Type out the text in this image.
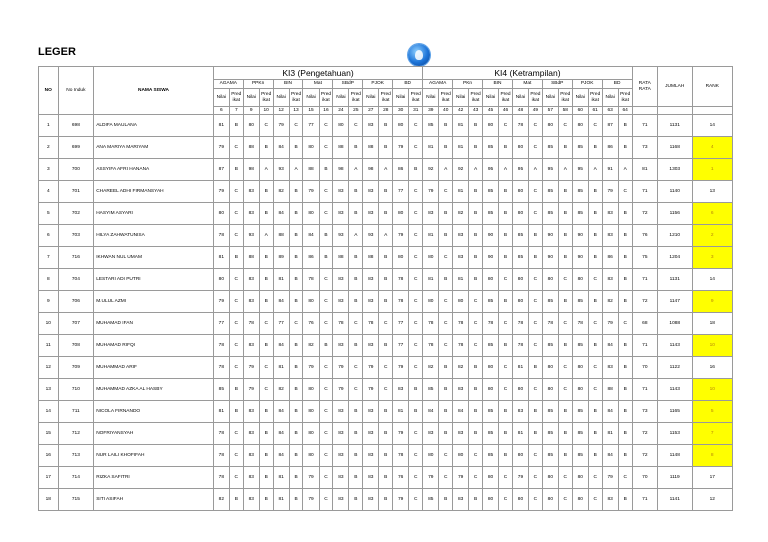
LEGER
NO	No Induk	NAMA SISWA	KI3 (Pengetahuan)														KI4 (Ketrampilan)														RATA RATA	JUMLAH	RANK
			AGAMA		PPKn		BIN		Mat		SBdP		PJOK		BD		AGAMA		PKn		BIN		Mat		SBdP		PJOK		BD				
			Nilai	Pred ikat	Nilai	Pred ikat	Nilai	Pred ikat	Nilai	Pred ikat	Nilai	Pred ikat	Nilai	Pred ikat	Nilai	Pred ikat	Nilai	Pred ikat	Nilai	Pred ikat	Nilai	Pred ikat	Nilai	Pred ikat	Nilai	Pred ikat	Nilai	Pred ikat	Nilai	Pred ikat			
			6	7	9	10	12	13	15	16	24	25	27	28	30	31	39	40	42	43	45	46	48	49	57	58	60	61	63	64			
1	698	ALDIFA MAULANA	81	B	80	C	79	C	77	C	80	C	83	B	80	C	85	B	81	B	80	C	78	C	80	C	80	C	87	B	71	1131	14
2	699	ANA MARIYA MARIYAM	79	C	88	B	84	B	80	C	88	B	88	B	79	C	81	B	81	B	85	B	80	C	85	B	85	B	86	B	73	1168	4
3	700	ASSYIFA AFRI HANANA	87	B	98	A	93	A	88	B	98	A	98	A	86	B	92	A	92	A	95	A	95	A	95	A	95	A	91	A	81	1303	1
4	701	CHAREEL ADHI FIRMANSYAH	79	C	83	B	82	B	79	C	83	B	83	B	77	C	79	C	81	B	85	B	80	C	85	B	85	B	79	C	71	1140	13
5	702	HASYIM ASYARI	80	C	83	B	84	B	80	C	83	B	83	B	80	C	83	B	82	B	85	B	80	C	85	B	85	B	83	B	72	1156	6
6	703	HILYA ZAHWATUNISA	78	C	93	A	88	B	84	B	93	A	93	A	79	C	81	B	83	B	90	B	85	B	90	B	90	B	83	B	76	1210	2
7	716	IKHWAN NUL UMAM	81	B	88	B	89	B	86	B	88	B	88	B	80	C	80	C	83	B	90	B	85	B	90	B	90	B	86	B	75	1204	3
8	704	LESTARI ADI PUTRI	80	C	83	B	81	B	78	C	83	B	83	B	78	C	81	B	81	B	80	C	80	C	80	C	80	C	83	B	71	1131	14
9	706	M.ULUL AZMI	79	C	83	B	84	B	80	C	83	B	83	B	78	C	80	C	80	C	85	B	80	C	85	B	85	B	82	B	72	1147	9
10	707	MUHAMAD IFAN	77	C	78	C	77	C	76	C	78	C	78	C	77	C	78	C	78	C	78	C	78	C	78	C	78	C	79	C	68	1088	18
11	708	MUHAMAD RIFQI	78	C	83	B	84	B	82	B	83	B	83	B	77	C	78	C	78	C	85	B	78	C	85	B	85	B	84	B	71	1143	10
12	709	MUHAMMAD ARIF	78	C	79	C	81	B	79	C	79	C	79	C	79	C	82	B	82	B	80	C	81	B	80	C	80	C	83	B	70	1122	16
13	710	MUHAMMAD AZKA AL HASBY	85	B	79	C	82	B	80	C	79	C	79	C	83	B	85	B	83	B	80	C	80	C	80	C	80	C	88	B	71	1143	10
14	711	NICOLA FIRNANDO	81	B	83	B	84	B	80	C	83	B	83	B	81	B	84	B	84	B	85	B	83	B	85	B	85	B	84	B	73	1165	5
15	712	NOFRIYANSYAH	78	C	83	B	84	B	80	C	83	B	83	B	79	C	83	B	83	B	85	B	81	B	85	B	85	B	81	B	72	1153	7
16	713	NUR LAILI KHOFIFAH	78	C	83	B	84	B	80	C	83	B	83	B	78	C	80	C	80	C	85	B	80	C	85	B	85	B	84	B	72	1148	8
17	714	RIZKA SAFITRI	78	C	83	B	81	B	79	C	83	B	83	B	76	C	79	C	79	C	80	C	79	C	80	C	80	C	79	C	70	1119	17
18	715	SITI ASIFAH	82	B	83	B	81	B	79	C	83	B	83	B	79	C	85	B	83	B	80	C	80	C	80	C	80	C	83	B	71	1141	12
